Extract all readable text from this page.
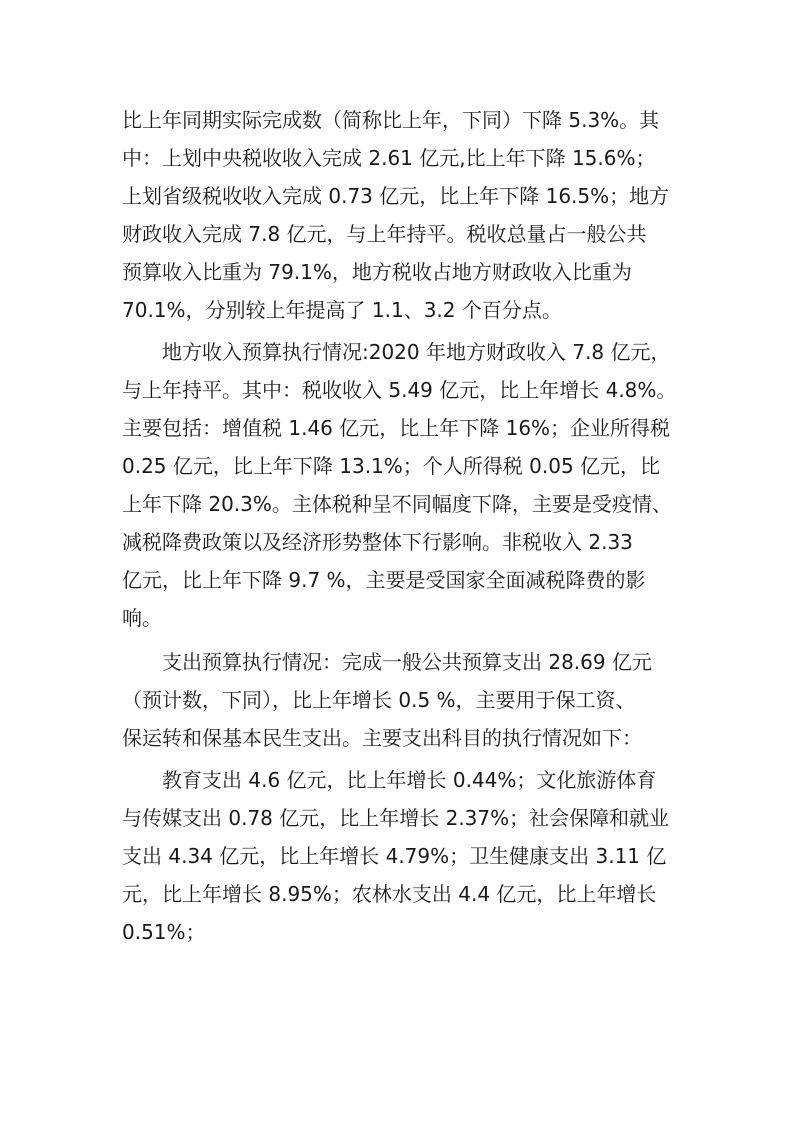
比上年同期实际完成数（简称比上年，下同）下降 5.3%。其
中：上划中央税收收入完成 2.61 亿元,比上年下降 15.6%；
上划省级税收收入完成 0.73 亿元，比上年下降 16.5%；地方
财政收入完成 7.8 亿元，与上年持平。税收总量占一般公共
预算收入比重为 79.1%，地方税收占地方财政收入比重为
70.1%，分别较上年提高了 1.1、3.2 个百分点。
地方收入预算执行情况:2020 年地方财政收入 7.8 亿元，
与上年持平。其中：税收收入 5.49 亿元，比上年增长 4.8%。
主要包括：增值税 1.46 亿元，比上年下降 16%；企业所得税
0.25 亿元，比上年下降 13.1%；个人所得税 0.05 亿元，比
上年下降 20.3%。主体税种呈不同幅度下降，主要是受疫情、
减税降费政策以及经济形势整体下行影响。非税收入 2.33
亿元，比上年下降 9.7 %，主要是受国家全面减税降费的影
响。
支出预算执行情况：完成一般公共预算支出 28.69 亿元
（预计数，下同），比上年增长 0.5 %，主要用于保工资、
保运转和保基本民生支出。主要支出科目的执行情况如下：
教育支出 4.6 亿元，比上年增长 0.44%；文化旅游体育
与传媒支出 0.78 亿元，比上年增长 2.37%；社会保障和就业
支出 4.34 亿元，比上年增长 4.79%；卫生健康支出 3.11 亿
元，比上年增长 8.95%；农林水支出 4.4 亿元，比上年增长
0.51%；
